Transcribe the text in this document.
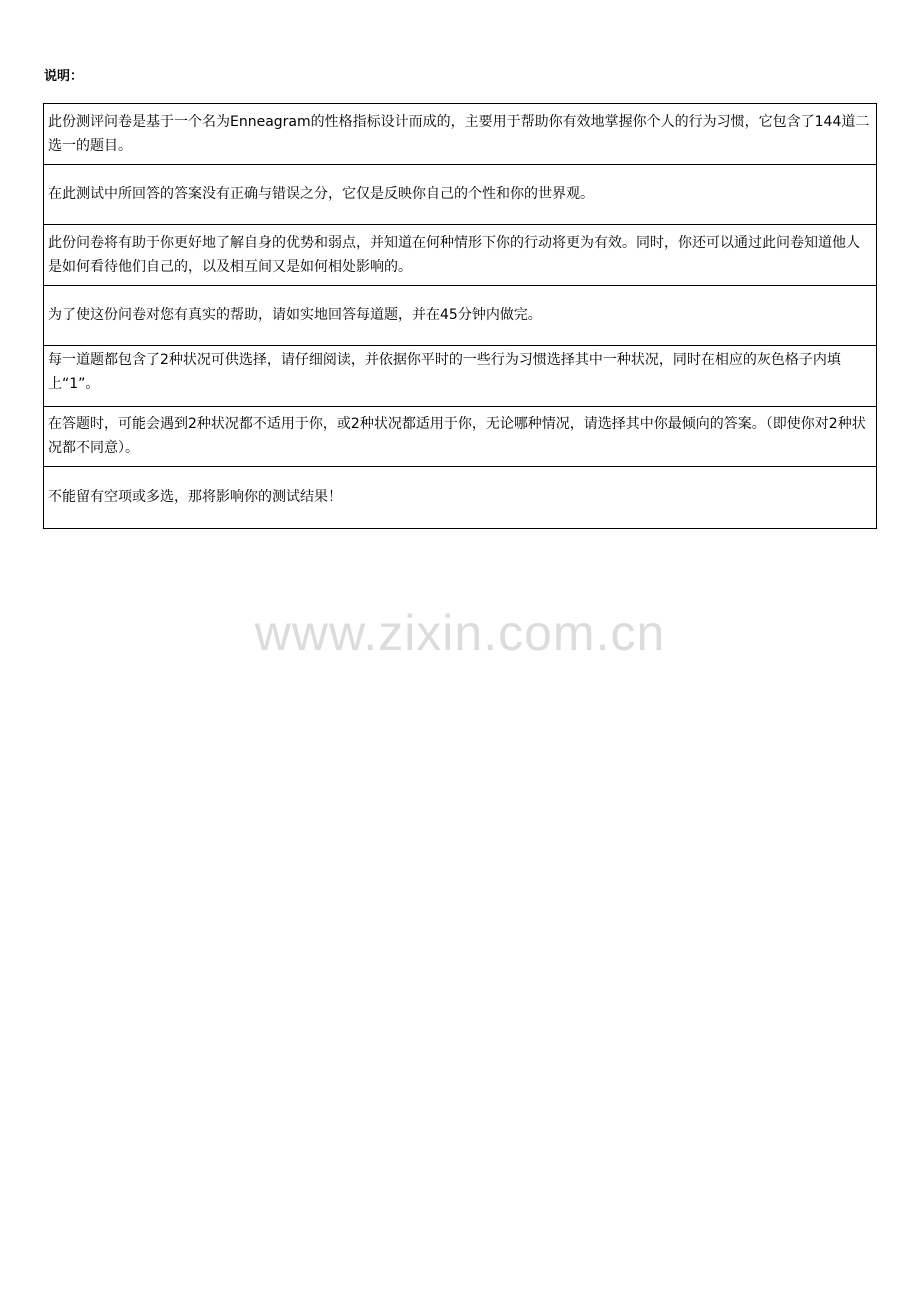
说明：
此份测评问卷是基于一个名为Enneagram的性格指标设计而成的，主要用于帮助你有效地掌握你个人的行为习惯，它包含了144道二选一的题目。
在此测试中所回答的答案没有正确与错误之分，它仅是反映你自己的个性和你的世界观。
此份问卷将有助于你更好地了解自身的优势和弱点，并知道在何种情形下你的行动将更为有效。同时，你还可以通过此问卷知道他人是如何看待他们自己的，以及相互间又是如何相处影响的。
为了使这份问卷对您有真实的帮助，请如实地回答每道题，并在45分钟内做完。
每一道题都包含了2种状况可供选择，请仔细阅读，并依据你平时的一些行为习惯选择其中一种状况，同时在相应的灰色格子内填上“1”。
在答题时，可能会遇到2种状况都不适用于你，或2种状况都适用于你，无论哪种情况，请选择其中你最倾向的答案。（即使你对2种状况都不同意）。
不能留有空项或多选，那将影响你的测试结果！
www.zixin.com.cn
